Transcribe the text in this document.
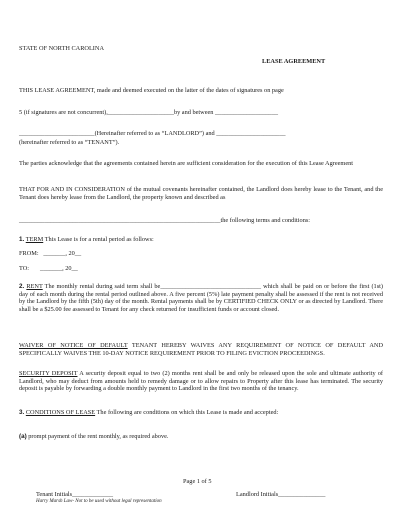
STATE OF NORTH CAROLINA
LEASE AGREEMENT
THIS LEASE AGREEMENT, made and deemed executed on the latter of the dates of signatures on page
5 (if signatures are not concurrent),_____________________by and between ____________________
________________________(Hereinafter referred to as “LANDLORD”) and ______________________
(hereinafter referred to as “TENANT”).
The parties acknowledge that the agreements contained herein are sufficient consideration for the execution of this Lease Agreement
THAT FOR AND IN CONSIDERATION of the mutual covenants hereinafter contained, the Landlord does hereby lease to the Tenant, and the Tenant does hereby lease from the Landlord, the property known and described as
________________________________________________________________the following terms and conditions:
1. TERM This Lease is for a rental period as follows:
FROM:   _______, 20__
TO:       _______, 20__
2. RENT The monthly rental during said term shall be________________________________ which shall be paid on or before the first (1st) day of each month during the rental period outlined above. A five percent (5%) late payment penalty shall be assessed if the rent is not received by the Landlord by the fifth (5th) day of the month. Rental payments shall be by CERTIFIED CHECK ONLY or as directed by Landlord. There shall be a $25.00 fee assessed to Tenant for any check returned for insufficient funds or account closed.
WAIVER OF NOTICE OF DEFAULT TENANT HEREBY WAIVES ANY REQUIREMENT OF NOTICE OF DEFAULT AND SPECIFICALLY WAIVES THE 10-DAY NOTICE REQUIREMENT PRIOR TO FILING EVICTION PROCEEDINGS.
SECURITY DEPOSIT A security deposit equal to two (2) months rent shall be and only be released upon the sole and ultimate authority of Landlord, who may deduct from amounts held to remedy damage or to allow repairs to Property after this lease has terminated. The security deposit is payable by forwarding a double monthly payment to Landlord in the first two months of the tenancy.
3. CONDITIONS OF LEASE The following are conditions on which this Lease is made and accepted:
(a) prompt payment of the rent monthly, as required above.
Page 1 of 5
Tenant Initials_____________	Landlord Initials_______________
Harry Marsh Law- Not to be used without legal representation
